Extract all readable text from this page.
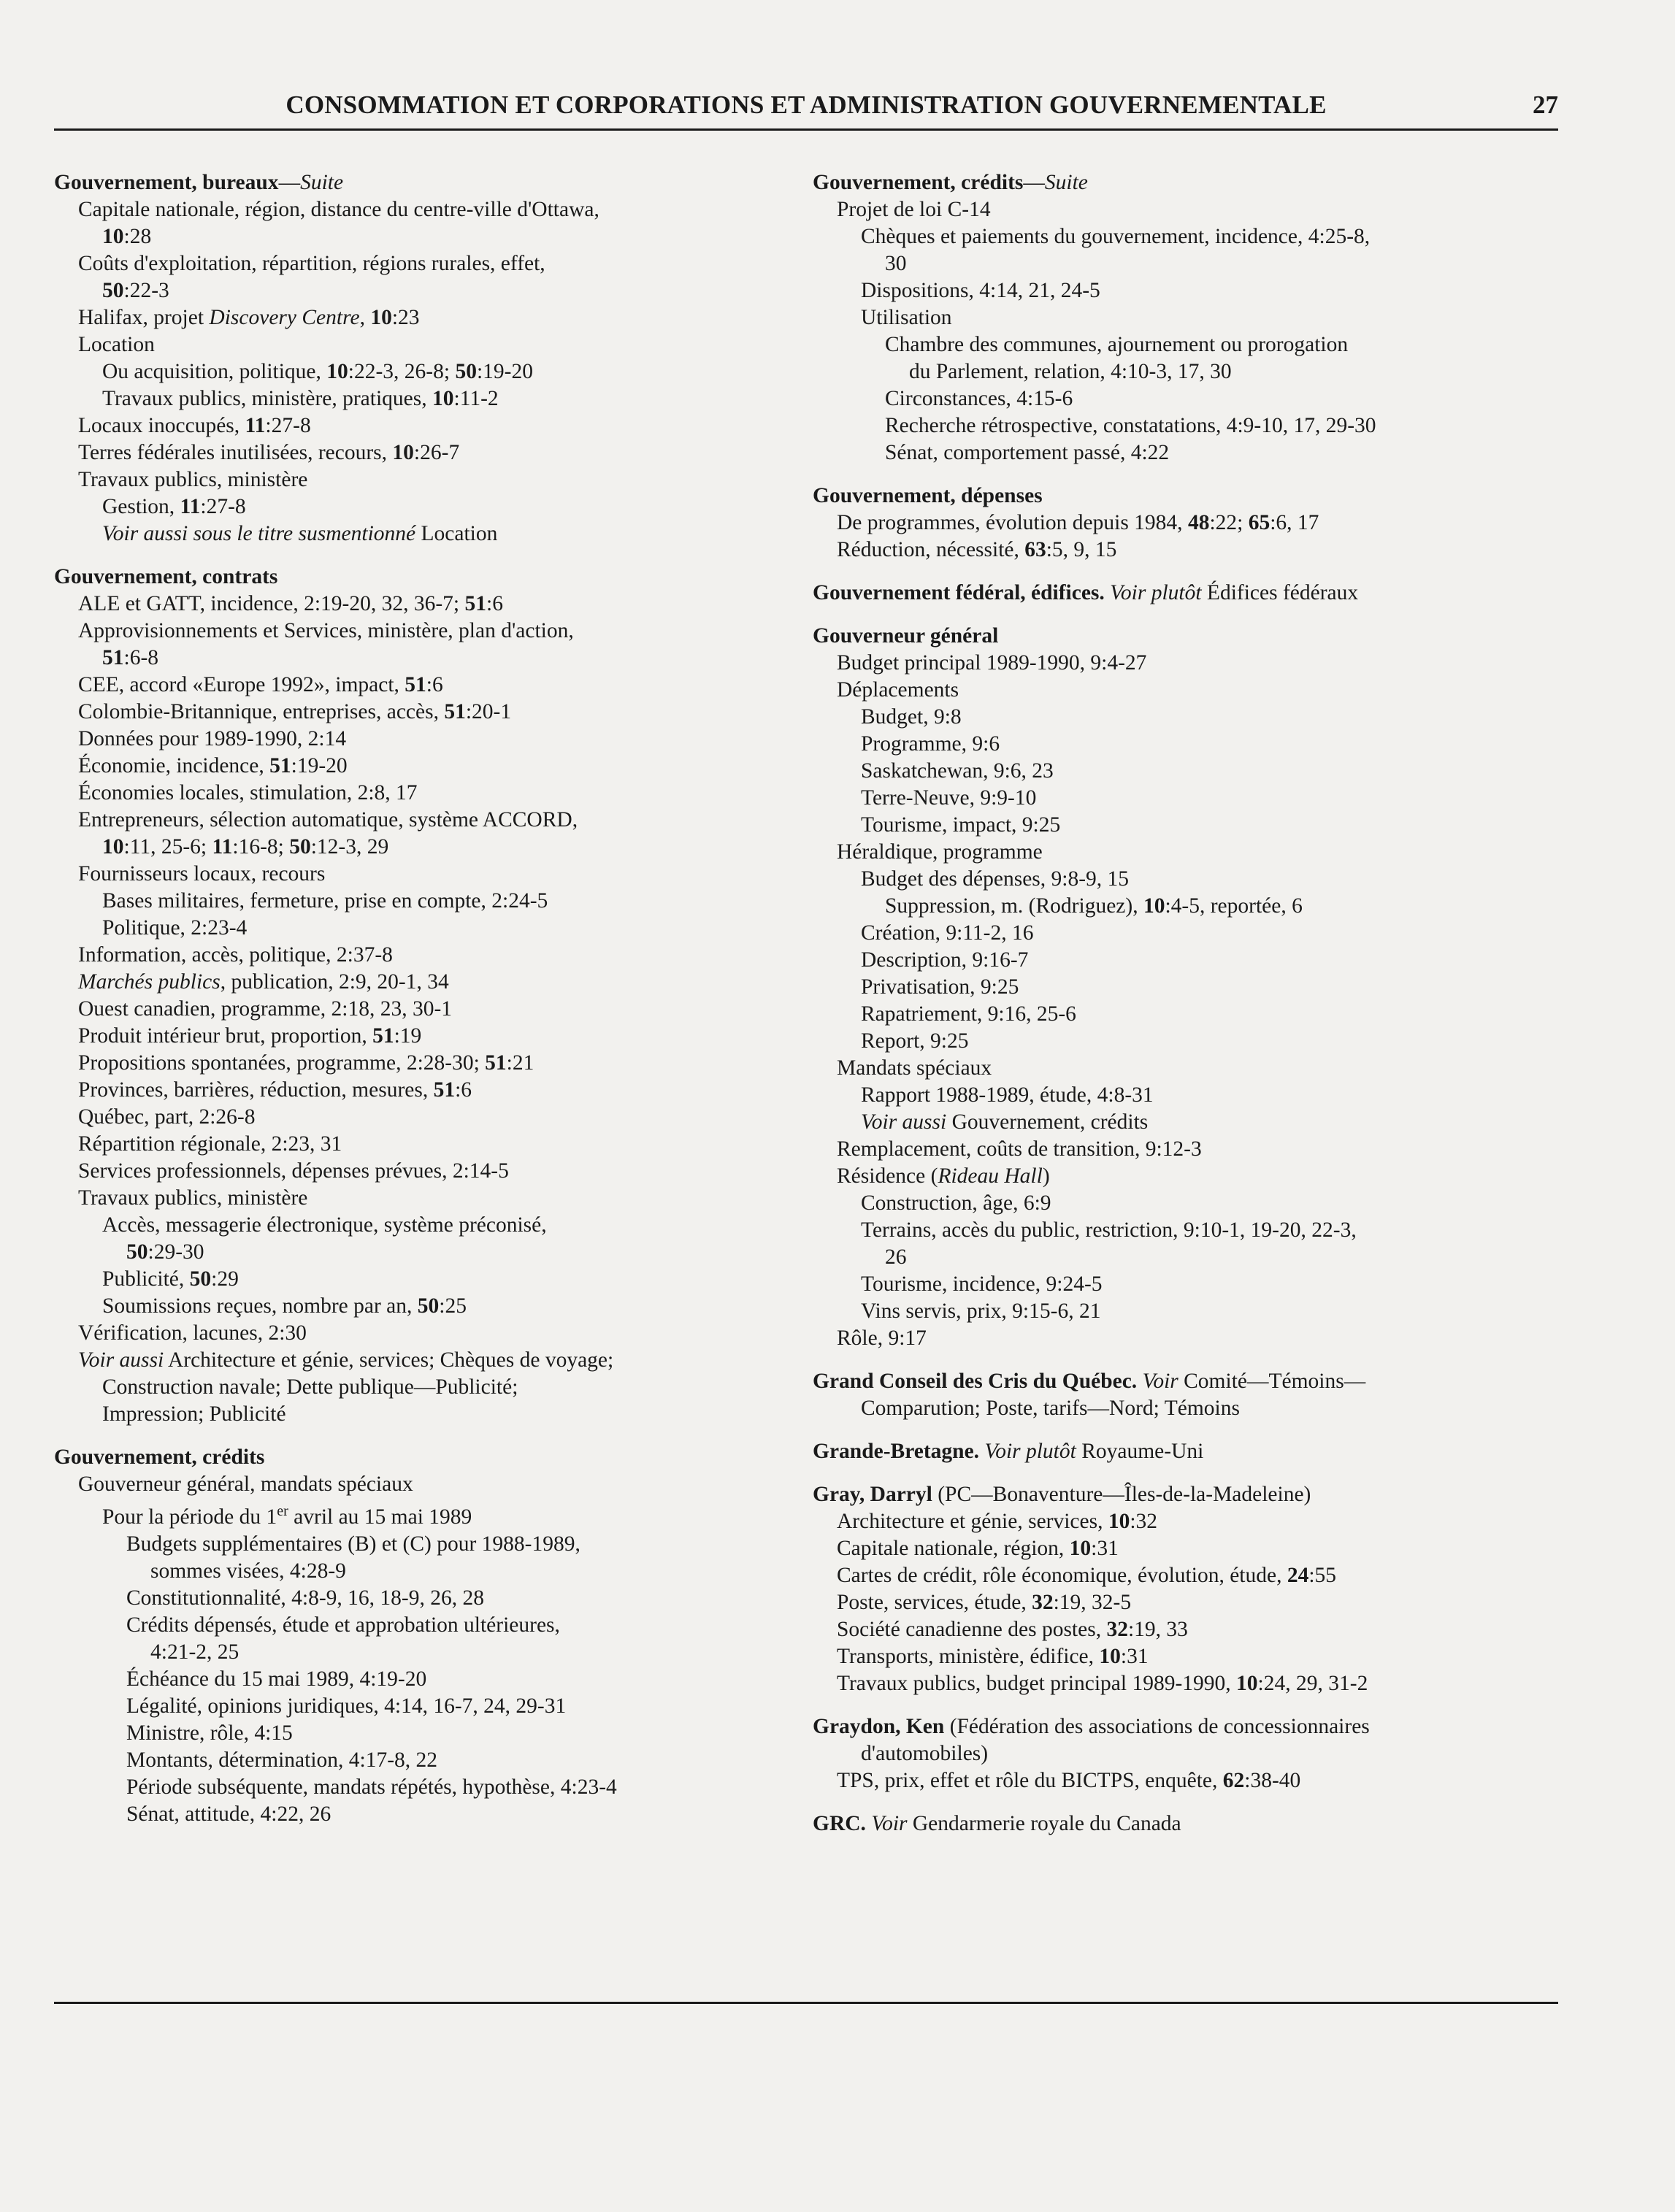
CONSOMMATION ET CORPORATIONS ET ADMINISTRATION GOUVERNEMENTALE	27
Gouvernement, bureaux—Suite
Capitale nationale, région, distance du centre-ville d'Ottawa,
10:28
Coûts d'exploitation, répartition, régions rurales, effet,
50:22-3
Halifax, projet Discovery Centre, 10:23
Location
Ou acquisition, politique, 10:22-3, 26-8; 50:19-20
Travaux publics, ministère, pratiques, 10:11-2
Locaux inoccupés, 11:27-8
Terres fédérales inutilisées, recours, 10:26-7
Travaux publics, ministère
Gestion, 11:27-8
Voir aussi sous le titre susmentionné Location
Gouvernement, contrats
ALE et GATT, incidence, 2:19-20, 32, 36-7; 51:6
Approvisionnements et Services, ministère, plan d'action,
51:6-8
CEE, accord «Europe 1992», impact, 51:6
Colombie-Britannique, entreprises, accès, 51:20-1
Données pour 1989-1990, 2:14
Économie, incidence, 51:19-20
Économies locales, stimulation, 2:8, 17
Entrepreneurs, sélection automatique, système ACCORD,
10:11, 25-6; 11:16-8; 50:12-3, 29
Fournisseurs locaux, recours
Bases militaires, fermeture, prise en compte, 2:24-5
Politique, 2:23-4
Information, accès, politique, 2:37-8
Marchés publics, publication, 2:9, 20-1, 34
Ouest canadien, programme, 2:18, 23, 30-1
Produit intérieur brut, proportion, 51:19
Propositions spontanées, programme, 2:28-30; 51:21
Provinces, barrières, réduction, mesures, 51:6
Québec, part, 2:26-8
Répartition régionale, 2:23, 31
Services professionnels, dépenses prévues, 2:14-5
Travaux publics, ministère
Accès, messagerie électronique, système préconisé,
50:29-30
Publicité, 50:29
Soumissions reçues, nombre par an, 50:25
Vérification, lacunes, 2:30
Voir aussi Architecture et génie, services; Chèques de voyage;
Construction navale; Dette publique—Publicité;
Impression; Publicité
Gouvernement, crédits
Gouverneur général, mandats spéciaux
Pour la période du 1er avril au 15 mai 1989
Budgets supplémentaires (B) et (C) pour 1988-1989,
sommes visées, 4:28-9
Constitutionnalité, 4:8-9, 16, 18-9, 26, 28
Crédits dépensés, étude et approbation ultérieures,
4:21-2, 25
Échéance du 15 mai 1989, 4:19-20
Légalité, opinions juridiques, 4:14, 16-7, 24, 29-31
Ministre, rôle, 4:15
Montants, détermination, 4:17-8, 22
Période subséquente, mandats répétés, hypothèse, 4:23-4
Sénat, attitude, 4:22, 26
Gouvernement, crédits—Suite
Projet de loi C-14
Chèques et paiements du gouvernement, incidence, 4:25-8,
30
Dispositions, 4:14, 21, 24-5
Utilisation
Chambre des communes, ajournement ou prorogation
du Parlement, relation, 4:10-3, 17, 30
Circonstances, 4:15-6
Recherche rétrospective, constatations, 4:9-10, 17, 29-30
Sénat, comportement passé, 4:22
Gouvernement, dépenses
De programmes, évolution depuis 1984, 48:22; 65:6, 17
Réduction, nécessité, 63:5, 9, 15
Gouvernement fédéral, édifices. Voir plutôt Édifices fédéraux
Gouverneur général
Budget principal 1989-1990, 9:4-27
Déplacements
Budget, 9:8
Programme, 9:6
Saskatchewan, 9:6, 23
Terre-Neuve, 9:9-10
Tourisme, impact, 9:25
Héraldique, programme
Budget des dépenses, 9:8-9, 15
Suppression, m. (Rodriguez), 10:4-5, reportée, 6
Création, 9:11-2, 16
Description, 9:16-7
Privatisation, 9:25
Rapatriement, 9:16, 25-6
Report, 9:25
Mandats spéciaux
Rapport 1988-1989, étude, 4:8-31
Voir aussi Gouvernement, crédits
Remplacement, coûts de transition, 9:12-3
Résidence (Rideau Hall)
Construction, âge, 6:9
Terrains, accès du public, restriction, 9:10-1, 19-20, 22-3,
26
Tourisme, incidence, 9:24-5
Vins servis, prix, 9:15-6, 21
Rôle, 9:17
Grand Conseil des Cris du Québec. Voir Comité—Témoins—
Comparution; Poste, tarifs—Nord; Témoins
Grande-Bretagne. Voir plutôt Royaume-Uni
Gray, Darryl (PC—Bonaventure—Îles-de-la-Madeleine)
Architecture et génie, services, 10:32
Capitale nationale, région, 10:31
Cartes de crédit, rôle économique, évolution, étude, 24:55
Poste, services, étude, 32:19, 32-5
Société canadienne des postes, 32:19, 33
Transports, ministère, édifice, 10:31
Travaux publics, budget principal 1989-1990, 10:24, 29, 31-2
Graydon, Ken (Fédération des associations de concessionnaires
d'automobiles)
TPS, prix, effet et rôle du BICTPS, enquête, 62:38-40
GRC. Voir Gendarmerie royale du Canada
